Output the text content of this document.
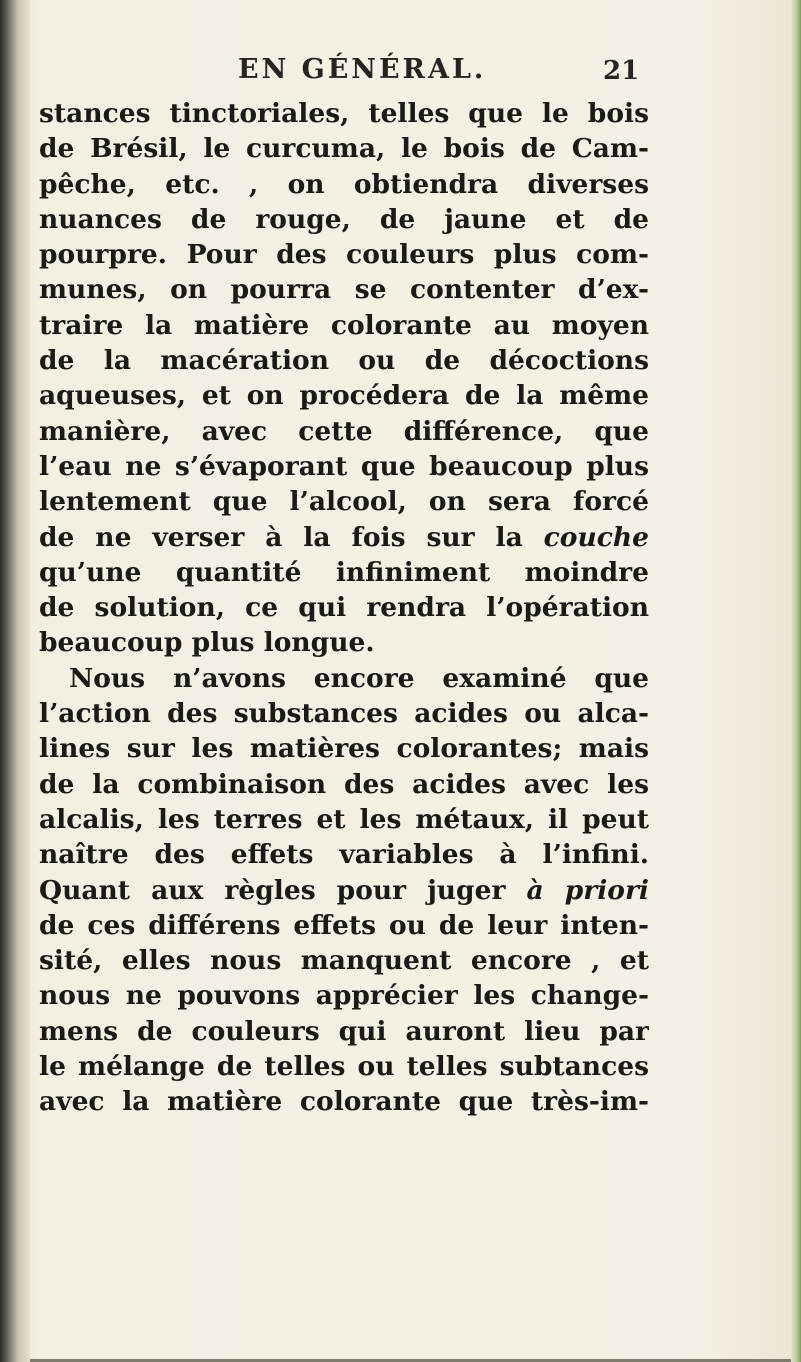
EN GÉNÉRAL.	21
stances tinctoriales, telles que le bois
de Brésil, le curcuma, le bois de Cam-
pêche, etc. , on obtiendra diverses
nuances de rouge, de jaune et de
pourpre. Pour des couleurs plus com-
munes, on pourra se contenter d’ex-
traire la matière colorante au moyen
de la macération ou de décoctions
aqueuses, et on procédera de la même
manière, avec cette différence, que
l’eau ne s’évaporant que beaucoup plus
lentement que l’alcool, on sera forcé
de ne verser à la fois sur la couche
qu’une quantité infiniment moindre
de solution, ce qui rendra l’opération
beaucoup plus longue.
Nous n’avons encore examiné que
l’action des substances acides ou alca-
lines sur les matières colorantes; mais
de la combinaison des acides avec les
alcalis, les terres et les métaux, il peut
naître des effets variables à l’infini.
Quant aux règles pour juger à priori
de ces différens effets ou de leur inten-
sité, elles nous manquent encore , et
nous ne pouvons apprécier les change-
mens de couleurs qui auront lieu par
le mélange de telles ou telles subtances
avec la matière colorante que très-im-
